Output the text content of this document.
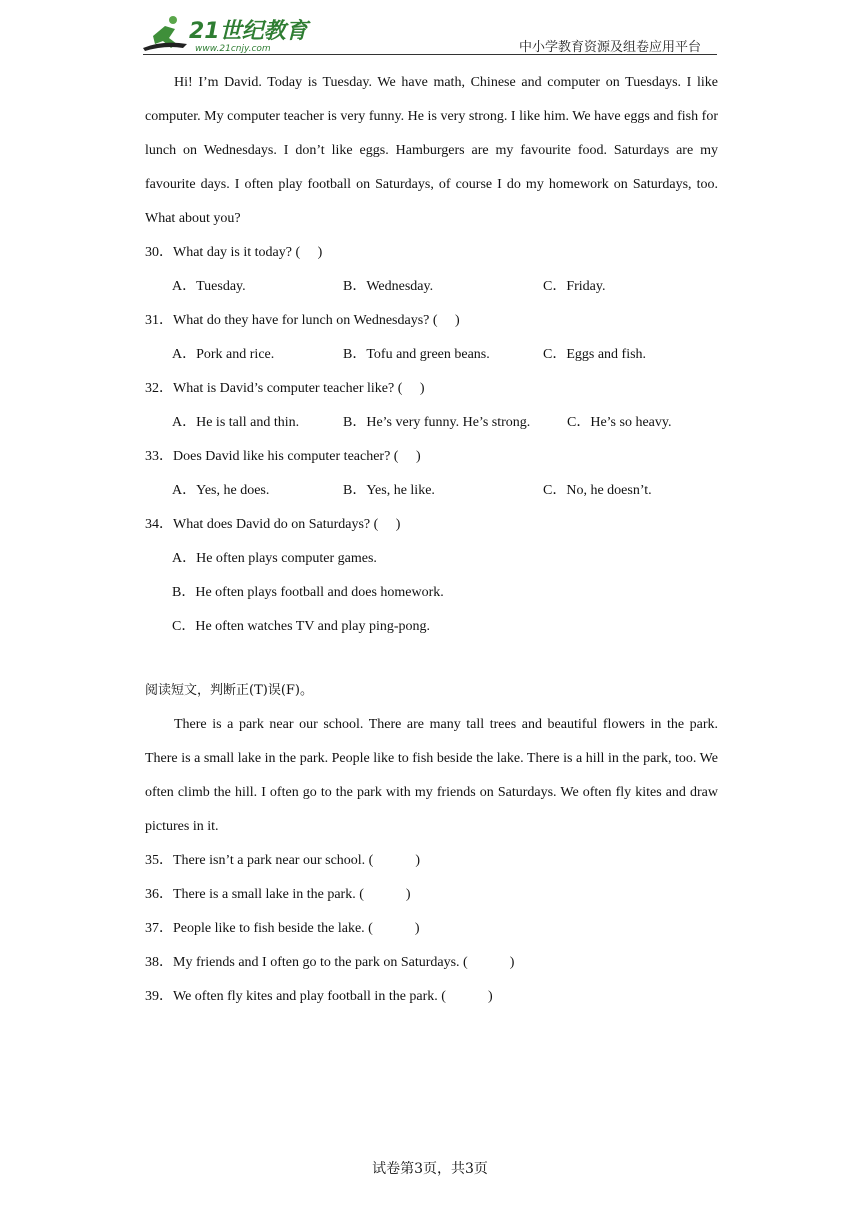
21世纪教育
www.21cnjy.com	中小学教育资源及组卷应用平台

Hi! I’m David. Today is Tuesday. We have math, Chinese and computer on Tuesdays. I like computer. My computer teacher is very funny. He is very strong. I like him. We have eggs and fish for lunch on Wednesdays. I don’t like eggs. Hamburgers are my favourite food. Saturdays are my favourite days. I often play football on Saturdays, of course I do my homework on Saturdays, too. What about you?

30．What day is it today? (　 )
A．Tuesday.	B．Wednesday.	C．Friday.
31．What do they have for lunch on Wednesdays? (　 )
A．Pork and rice.	B．Tofu and green beans.	C．Eggs and fish.
32．What is David’s computer teacher like? (　 )
A．He is tall and thin.	B．He’s very funny. He’s strong.	C．He’s so heavy.
33．Does David like his computer teacher? (　 )
A．Yes, he does.	B．Yes, he like.	C．No, he doesn’t.
34．What does David do on Saturdays? (　 )
A．He often plays computer games.
B．He often plays football and does homework.
C．He often watches TV and play ping-pong.
阅读短文，判断正(T)误(F)。

There is a park near our school. There are many tall trees and beautiful flowers in the park. There is a small lake in the park. People like to fish beside the lake. There is a hill in the park, too. We often climb the hill. I often go to the park with my friends on Saturdays. We often fly kites and draw pictures in it.

35．There isn’t a park near our school. (　　　)
36．There is a small lake in the park. (　　　)
37．People like to fish beside the lake. (　　　)
38．My friends and I often go to the park on Saturdays. (　　　)
39．We often fly kites and play football in the park. (　　　)
试卷第3页，共3页
